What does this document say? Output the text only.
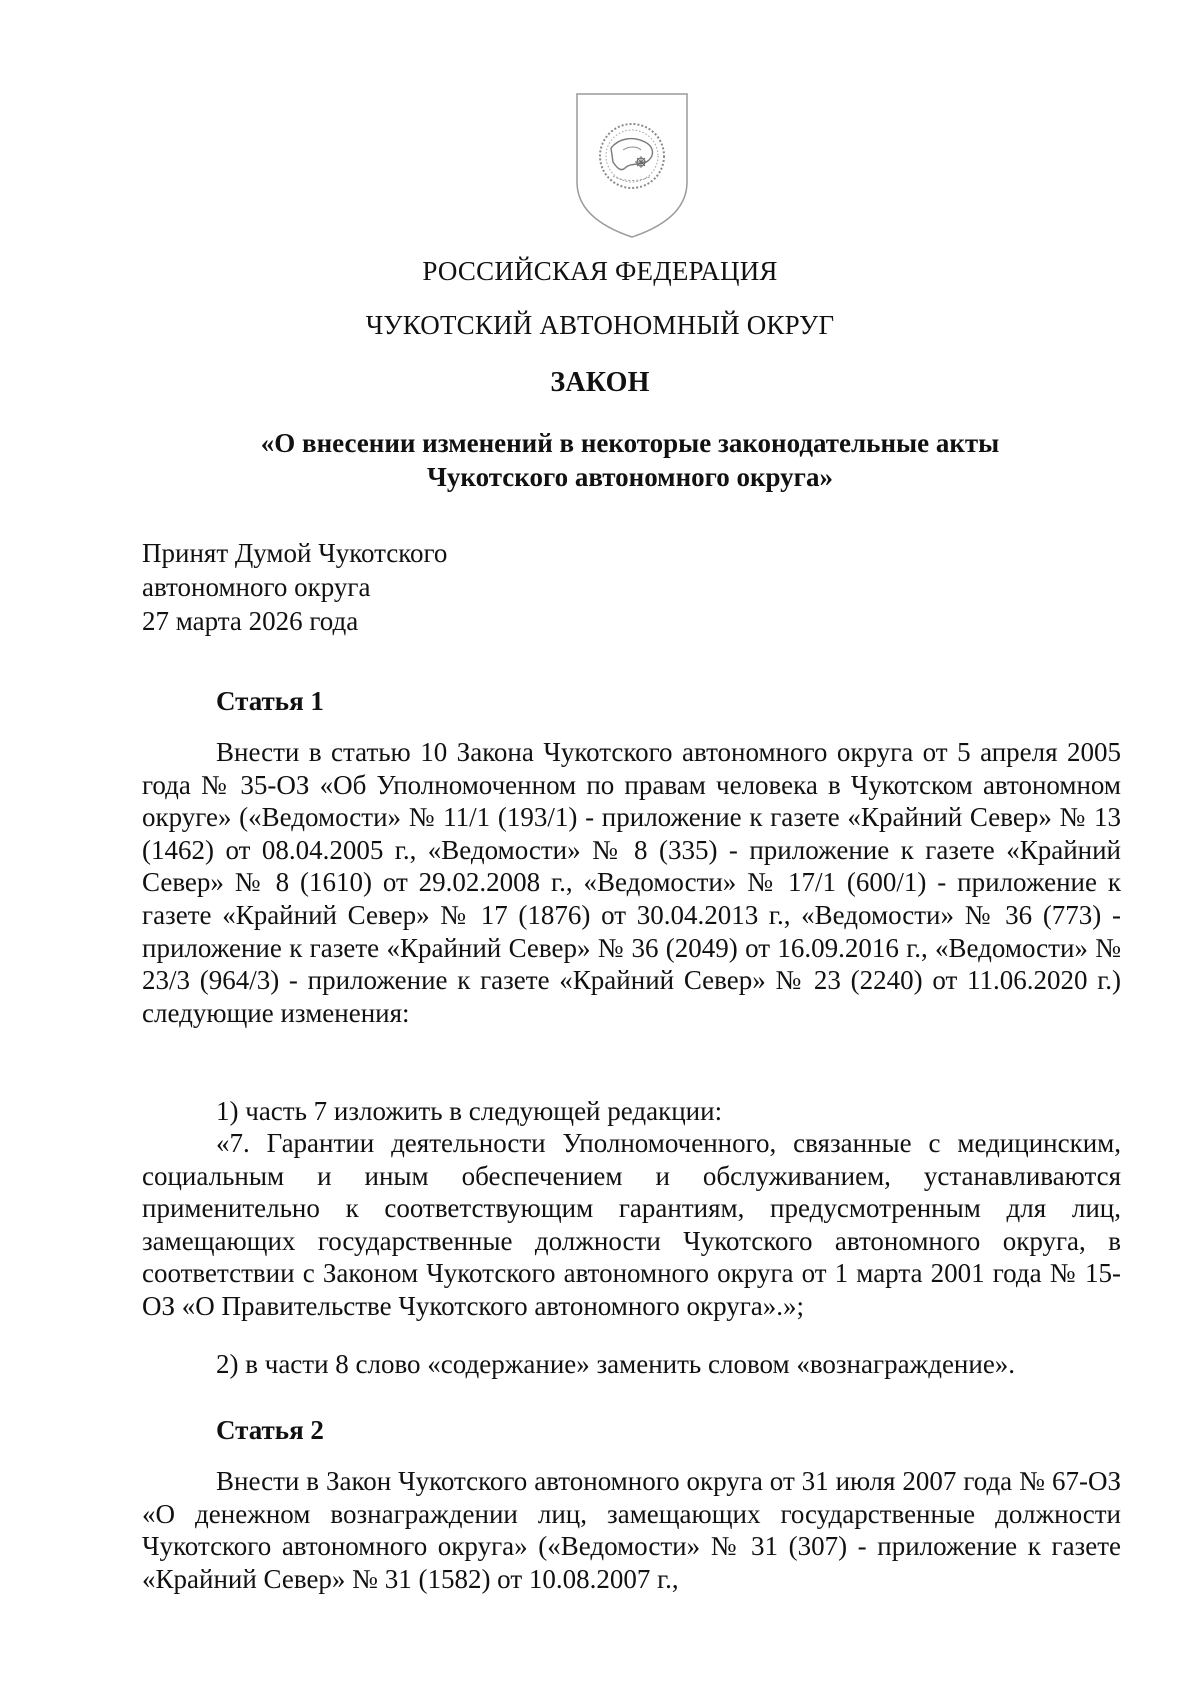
РОССИЙСКАЯ ФЕДЕРАЦИЯ
ЧУКОТСКИЙ АВТОНОМНЫЙ ОКРУГ
ЗАКОН
«О внесении изменений в некоторые законодательные акты
Чукотского автономного округа»
Принят Думой Чукотского
автономного округа
27 марта 2026 года
Статья 1
Внести в статью 10 Закона Чукотского автономного округа от 5 апреля 2005 года № 35-ОЗ «Об Уполномоченном по правам человека в Чукотском автономном округе» («Ведомости» № 11/1 (193/1) - приложение к газете «Крайний Север» № 13 (1462) от 08.04.2005 г., «Ведомости» № 8 (335) - приложение к газете «Крайний Север» № 8 (1610) от 29.02.2008 г., «Ведомости» № 17/1 (600/1) - приложение к газете «Крайний Север» № 17 (1876) от 30.04.2013 г., «Ведомости» № 36 (773) - приложение к газете «Крайний Север» № 36 (2049) от 16.09.2016 г., «Ведомости» № 23/3 (964/3) - приложение к газете «Крайний Север» № 23 (2240) от 11.06.2020 г.) следующие изменения:
1) часть 7 изложить в следующей редакции:
«7. Гарантии деятельности Уполномоченного, связанные с медицинским, социальным и иным обеспечением и обслуживанием, устанавливаются применительно к соответствующим гарантиям, предусмотренным для лиц, замещающих государственные должности Чукотского автономного округа, в соответствии с Законом Чукотского автономного округа от 1 марта 2001 года № 15-ОЗ «О Правительстве Чукотского автономного округа».»;
2) в части 8 слово «содержание» заменить словом «вознаграждение».
Статья 2
Внести в Закон Чукотского автономного округа от 31 июля 2007 года № 67-ОЗ «О денежном вознаграждении лиц, замещающих государственные должности Чукотского автономного округа» («Ведомости» № 31 (307) - приложение к газете «Крайний Север» № 31 (1582) от 10.08.2007 г.,
